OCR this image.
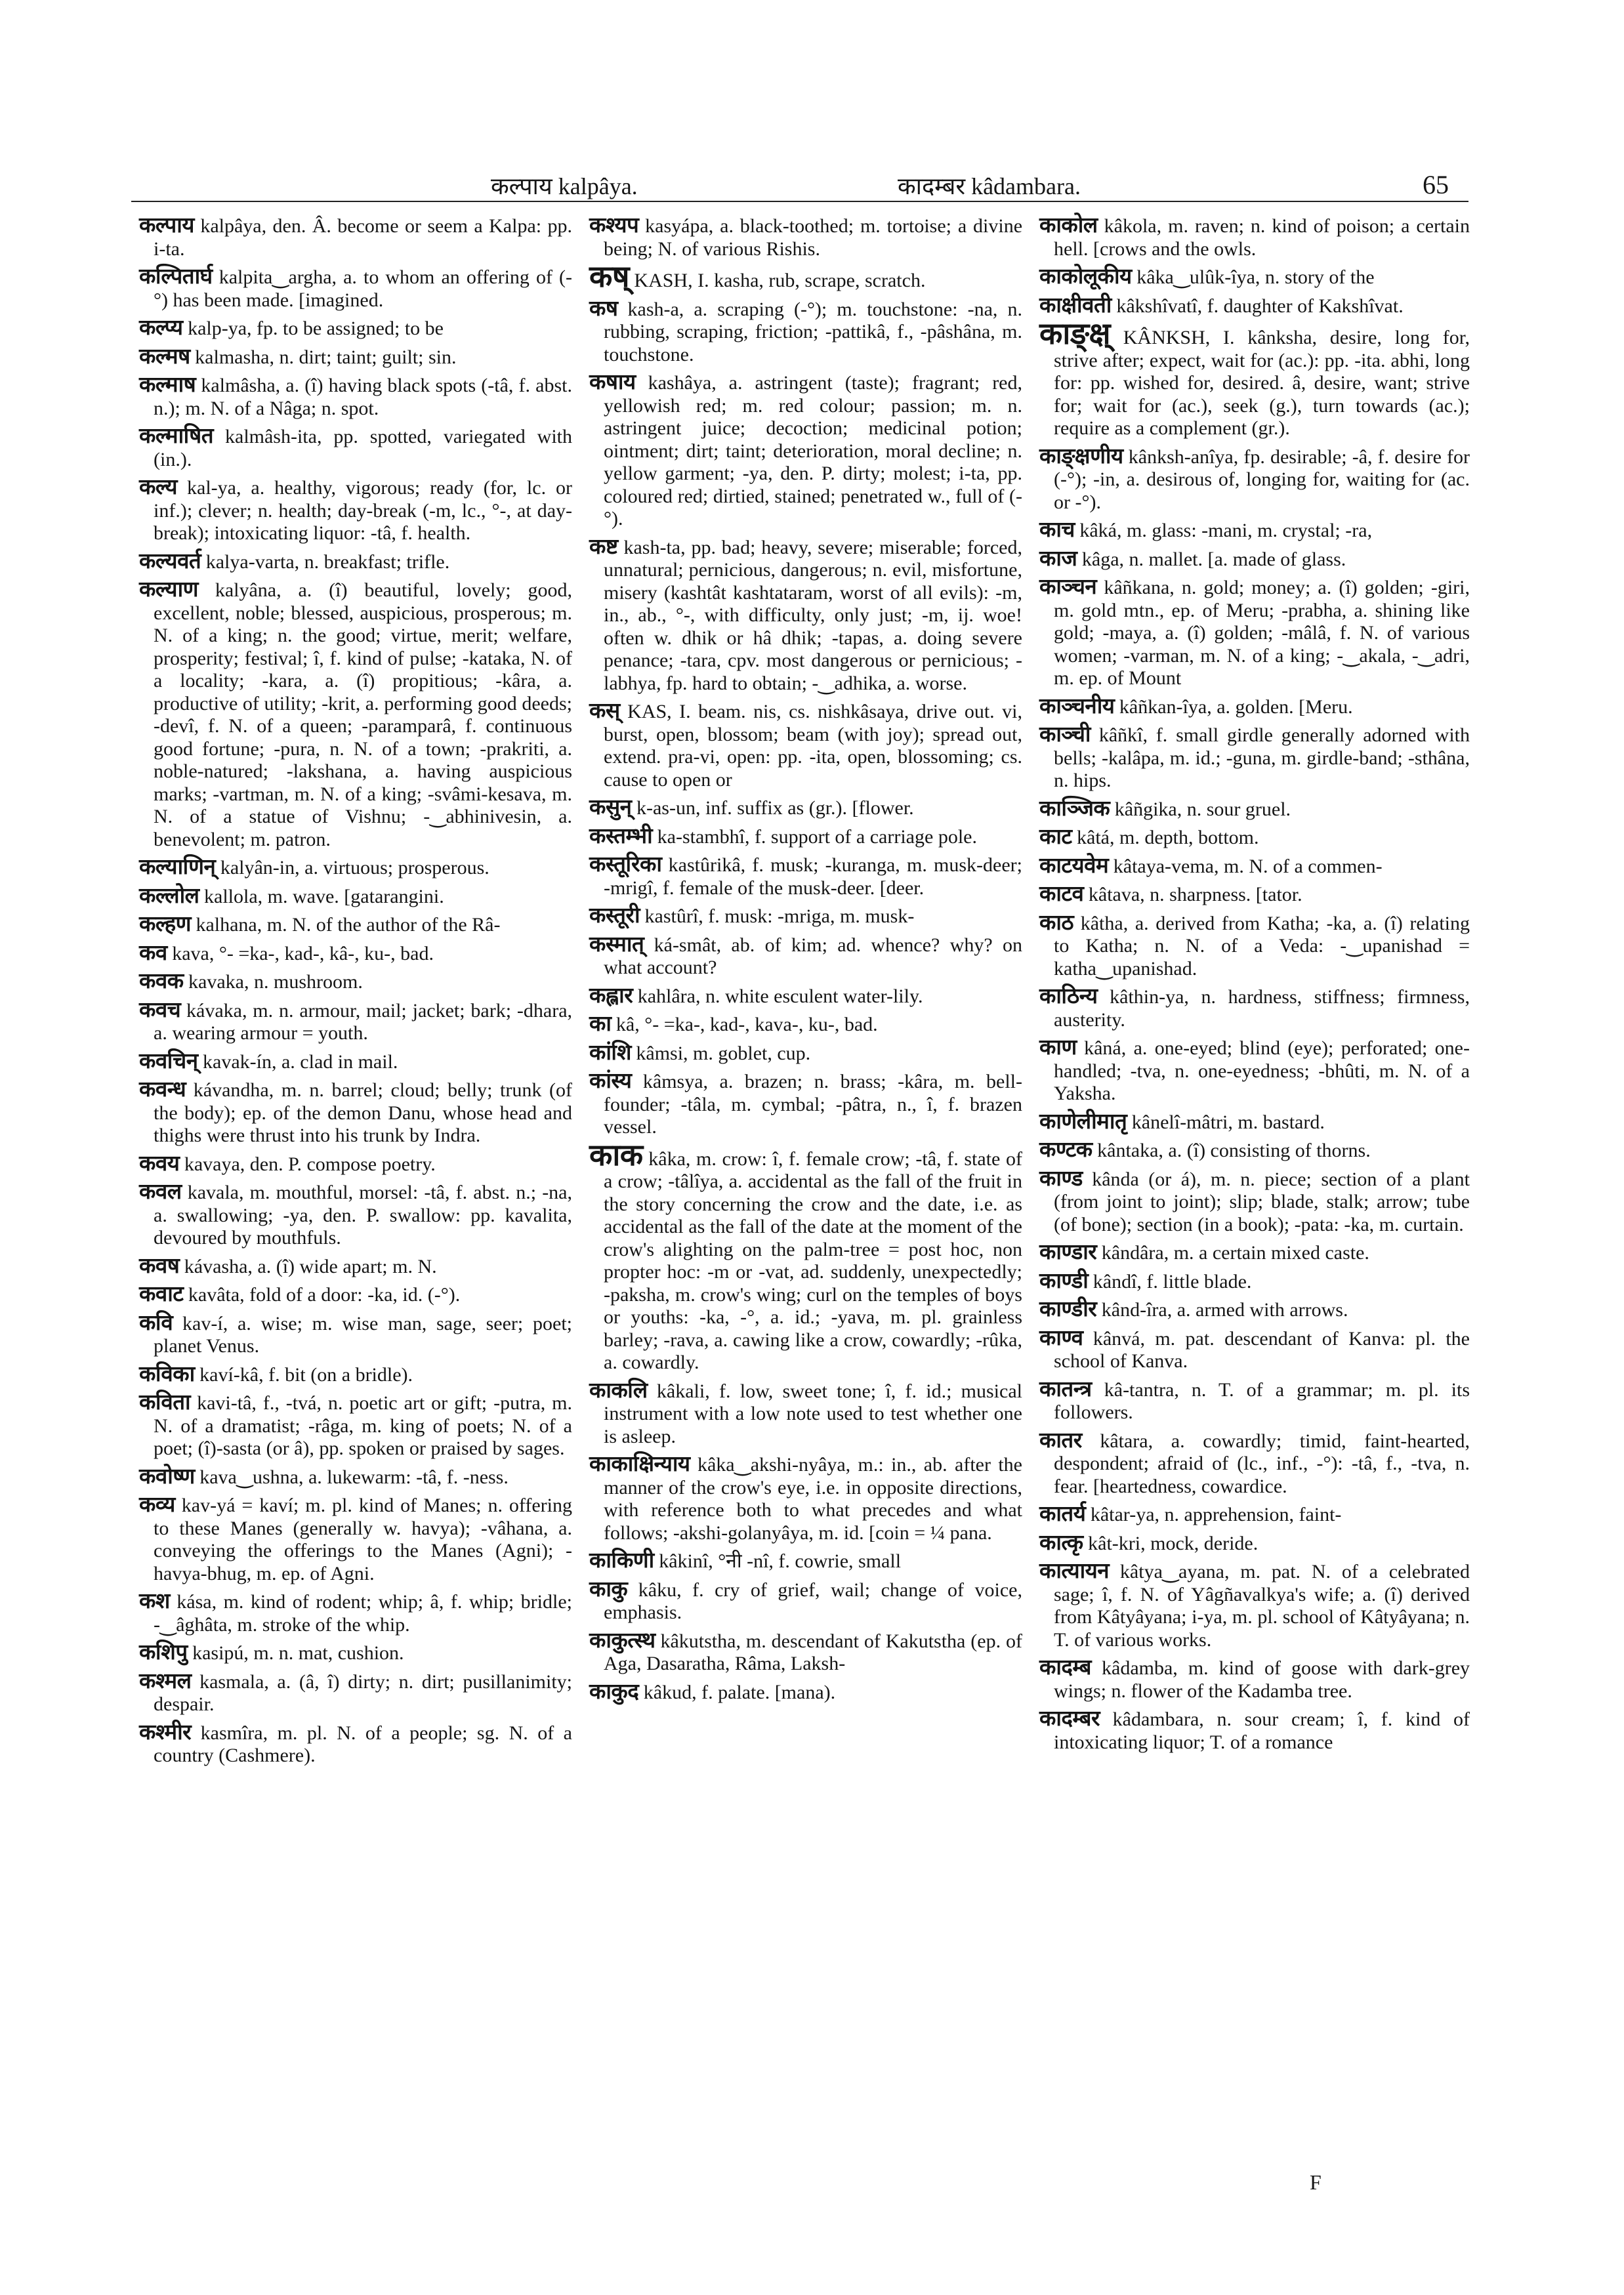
कल्पाय kalpâya.	कादम्बर kâdambara.	65
कल्पाय kalpâya, den. Â. become or seem a Kalpa: pp. i-ta.
कल्पितार्घ kalpita‿argha, a. to whom an offering of (-°) has been made. [imagined.
कल्प्य kalp-ya, fp. to be assigned; to be
कल्मष kalmasha, n. dirt; taint; guilt; sin.
कल्माष kalmâsha, a. (î) having black spots (-tâ, f. abst. n.); m. N. of a Nâga; n. spot.
कल्माषित kalmâsh-ita, pp. spotted, variegated with (in.).
कल्य kal-ya, a. healthy, vigorous; ready (for, lc. or inf.); clever; n. health; day-break (-m, lc., °-, at day-break); intoxicating liquor: -tâ, f. health.
कल्यवर्त kalya-varta, n. breakfast; trifle.
कल्याण kalyâna, a. (î) beautiful, lovely; good, excellent, noble; blessed, auspicious, prosperous; m. N. of a king; n. the good; virtue, merit; welfare, prosperity; festival; î, f. kind of pulse; -kataka, N. of a locality; -kara, a. (î) propitious; -kâra, a. productive of utility; -krit, a. performing good deeds; -devî, f. N. of a queen; -paramparâ, f. continuous good fortune; -pura, n. N. of a town; -prakriti, a. noble-natured; -lakshana, a. having auspicious marks; -vartman, m. N. of a king; -svâmi-kesava, m. N. of a statue of Vishnu; -‿abhinivesin, a. benevolent; m. patron.
कल्याणिन् kalyân-in, a. virtuous; prosperous.
कल्लोल kallola, m. wave. [gatarangini.
कल्हण kalhana, m. N. of the author of the Râ-
कव kava, °- =ka-, kad-, kâ-, ku-, bad.
कवक kavaka, n. mushroom.
कवच kávaka, m. n. armour, mail; jacket; bark; -dhara, a. wearing armour = youth.
कवचिन् kavak-ín, a. clad in mail.
कवन्ध kávandha, m. n. barrel; cloud; belly; trunk (of the body); ep. of the demon Danu, whose head and thighs were thrust into his trunk by Indra.
कवय kavaya, den. P. compose poetry.
कवल kavala, m. mouthful, morsel: -tâ, f. abst. n.; -na, a. swallowing; -ya, den. P. swallow: pp. kavalita, devoured by mouthfuls.
कवष kávasha, a. (î) wide apart; m. N.
कवाट kavâta, fold of a door: -ka, id. (-°).
कवि kav-í, a. wise; m. wise man, sage, seer; poet; planet Venus.
कविका kaví-kâ, f. bit (on a bridle).
कविता kavi-tâ, f., -tvá, n. poetic art or gift; -putra, m. N. of a dramatist; -râga, m. king of poets; N. of a poet; (î)-sasta (or â), pp. spoken or praised by sages.
कवोष्ण kava‿ushna, a. lukewarm: -tâ, f. -ness.
कव्य kav-yá = kaví; m. pl. kind of Manes; n. offering to these Manes (generally w. havya); -vâhana, a. conveying the offerings to the Manes (Agni); -havya-bhug, m. ep. of Agni.
कश kása, m. kind of rodent; whip; â, f. whip; bridle; -‿âghâta, m. stroke of the whip.
कशिपु kasipú, m. n. mat, cushion.
कश्मल kasmala, a. (â, î) dirty; n. dirt; pusillanimity; despair.
कश्मीर kasmîra, m. pl. N. of a people; sg. N. of a country (Cashmere).
कश्यप kasyápa, a. black-toothed; m. tortoise; a divine being; N. of various Rishis.
कष् KASH, I. kasha, rub, scrape, scratch.
कष kash-a, a. scraping (-°); m. touchstone: -na, n. rubbing, scraping, friction; -pattikâ, f., -pâshâna, m. touchstone.
कषाय kashâya, a. astringent (taste); fragrant; red, yellowish red; m. red colour; passion; m. n. astringent juice; decoction; medicinal potion; ointment; dirt; taint; deterioration, moral decline; n. yellow garment; -ya, den. P. dirty; molest; i-ta, pp. coloured red; dirtied, stained; penetrated w., full of (-°).
कष्ट kash-ta, pp. bad; heavy, severe; miserable; forced, unnatural; pernicious, dangerous; n. evil, misfortune, misery (kashtât kashtataram, worst of all evils): -m, in., ab., °-, with difficulty, only just; -m, ij. woe! often w. dhik or hâ dhik; -tapas, a. doing severe penance; -tara, cpv. most dangerous or pernicious; -labhya, fp. hard to obtain; -‿adhika, a. worse.
कस् KAS, I. beam. nis, cs. nishkâsaya, drive out. vi, burst, open, blossom; beam (with joy); spread out, extend. pra-vi, open: pp. -ita, open, blossoming; cs. cause to open or
कसुन् k-as-un, inf. suffix as (gr.). [flower.
कस्तम्भी ka-stambhî, f. support of a carriage pole.
कस्तूरिका kastûrikâ, f. musk; -kuranga, m. musk-deer; -mrigî, f. female of the musk-deer. [deer.
कस्तूरी kastûrî, f. musk: -mriga, m. musk-
कस्मात् ká-smât, ab. of kim; ad. whence? why? on what account?
कह्लार kahlâra, n. white esculent water-lily.
का kâ, °- =ka-, kad-, kava-, ku-, bad.
कांशि kâmsi, m. goblet, cup.
कांस्य kâmsya, a. brazen; n. brass; -kâra, m. bell-founder; -tâla, m. cymbal; -pâtra, n., î, f. brazen vessel.
काक kâka, m. crow: î, f. female crow; -tâ, f. state of a crow; -tâlîya, a. accidental as the fall of the fruit in the story concerning the crow and the date, i.e. as accidental as the fall of the date at the moment of the crow's alighting on the palm-tree = post hoc, non propter hoc: -m or -vat, ad. suddenly, unexpectedly; -paksha, m. crow's wing; curl on the temples of boys or youths: -ka, -°, a. id.; -yava, m. pl. grainless barley; -rava, a. cawing like a crow, cowardly; -rûka, a. cowardly.
काकलि kâkali, f. low, sweet tone; î, f. id.; musical instrument with a low note used to test whether one is asleep.
काकाक्षिन्याय kâka‿akshi-nyâya, m.: in., ab. after the manner of the crow's eye, i.e. in opposite directions, with reference both to what precedes and what follows; -akshi-golanyâya, m. id. [coin = ¼ pana.
काकिणी kâkinî, °नी -nî, f. cowrie, small
काकु kâku, f. cry of grief, wail; change of voice, emphasis.
काकुत्स्थ kâkutstha, m. descendant of Kakutstha (ep. of Aga, Dasaratha, Râma, Laksh-
काकुद kâkud, f. palate. [mana).
काकोल kâkola, m. raven; n. kind of poison; a certain hell. [crows and the owls.
काकोलूकीय kâka‿ulûk-îya, n. story of the
काक्षीवती kâkshîvatî, f. daughter of Kakshîvat.
काङ्क्ष् KÂNKSH, I. kânksha, desire, long for, strive after; expect, wait for (ac.): pp. -ita. abhi, long for: pp. wished for, desired. â, desire, want; strive for; wait for (ac.), seek (g.), turn towards (ac.); require as a complement (gr.).
काङ्क्षणीय kânksh-anîya, fp. desirable; -â, f. desire for (-°); -in, a. desirous of, longing for, waiting for (ac. or -°).
काच kâká, m. glass: -mani, m. crystal; -ra,
काज kâga, n. mallet. [a. made of glass.
काञ्चन kâñkana, n. gold; money; a. (î) golden; -giri, m. gold mtn., ep. of Meru; -prabha, a. shining like gold; -maya, a. (î) golden; -mâlâ, f. N. of various women; -varman, m. N. of a king; -‿akala, -‿adri, m. ep. of Mount
काञ्चनीय kâñkan-îya, a. golden. [Meru.
काञ्ची kâñkî, f. small girdle generally adorned with bells; -kalâpa, m. id.; -guna, m. girdle-band; -sthâna, n. hips.
काञ्जिक kâñgika, n. sour gruel.
काट kâtá, m. depth, bottom.
काटयवेम kâtaya-vema, m. N. of a commen-
काटव kâtava, n. sharpness. [tator.
काठ kâtha, a. derived from Katha; -ka, a. (î) relating to Katha; n. N. of a Veda: -‿upanishad = katha‿upanishad.
काठिन्य kâthin-ya, n. hardness, stiffness; firmness, austerity.
काण kâná, a. one-eyed; blind (eye); perforated; one-handled; -tva, n. one-eyedness; -bhûti, m. N. of a Yaksha.
काणेलीमातृ kânelî-mâtri, m. bastard.
कण्टक kântaka, a. (î) consisting of thorns.
काण्ड kânda (or á), m. n. piece; section of a plant (from joint to joint); slip; blade, stalk; arrow; tube (of bone); section (in a book); -pata: -ka, m. curtain.
काण्डार kândâra, m. a certain mixed caste.
काण्डी kândî, f. little blade.
काण्डीर kând-îra, a. armed with arrows.
काण्व kânvá, m. pat. descendant of Kanva: pl. the school of Kanva.
कातन्त्र kâ-tantra, n. T. of a grammar; m. pl. its followers.
कातर kâtara, a. cowardly; timid, faint-hearted, despondent; afraid of (lc., inf., -°): -tâ, f., -tva, n. fear. [heartedness, cowardice.
कातर्य kâtar-ya, n. apprehension, faint-
कात्कृ kât-kri, mock, deride.
कात्यायन kâtya‿ayana, m. pat. N. of a celebrated sage; î, f. N. of Yâgñavalkya's wife; a. (î) derived from Kâtyâyana; i-ya, m. pl. school of Kâtyâyana; n. T. of various works.
कादम्ब kâdamba, m. kind of goose with dark-grey wings; n. flower of the Kadamba tree.
कादम्बर kâdambara, n. sour cream; î, f. kind of intoxicating liquor; T. of a romance
F
